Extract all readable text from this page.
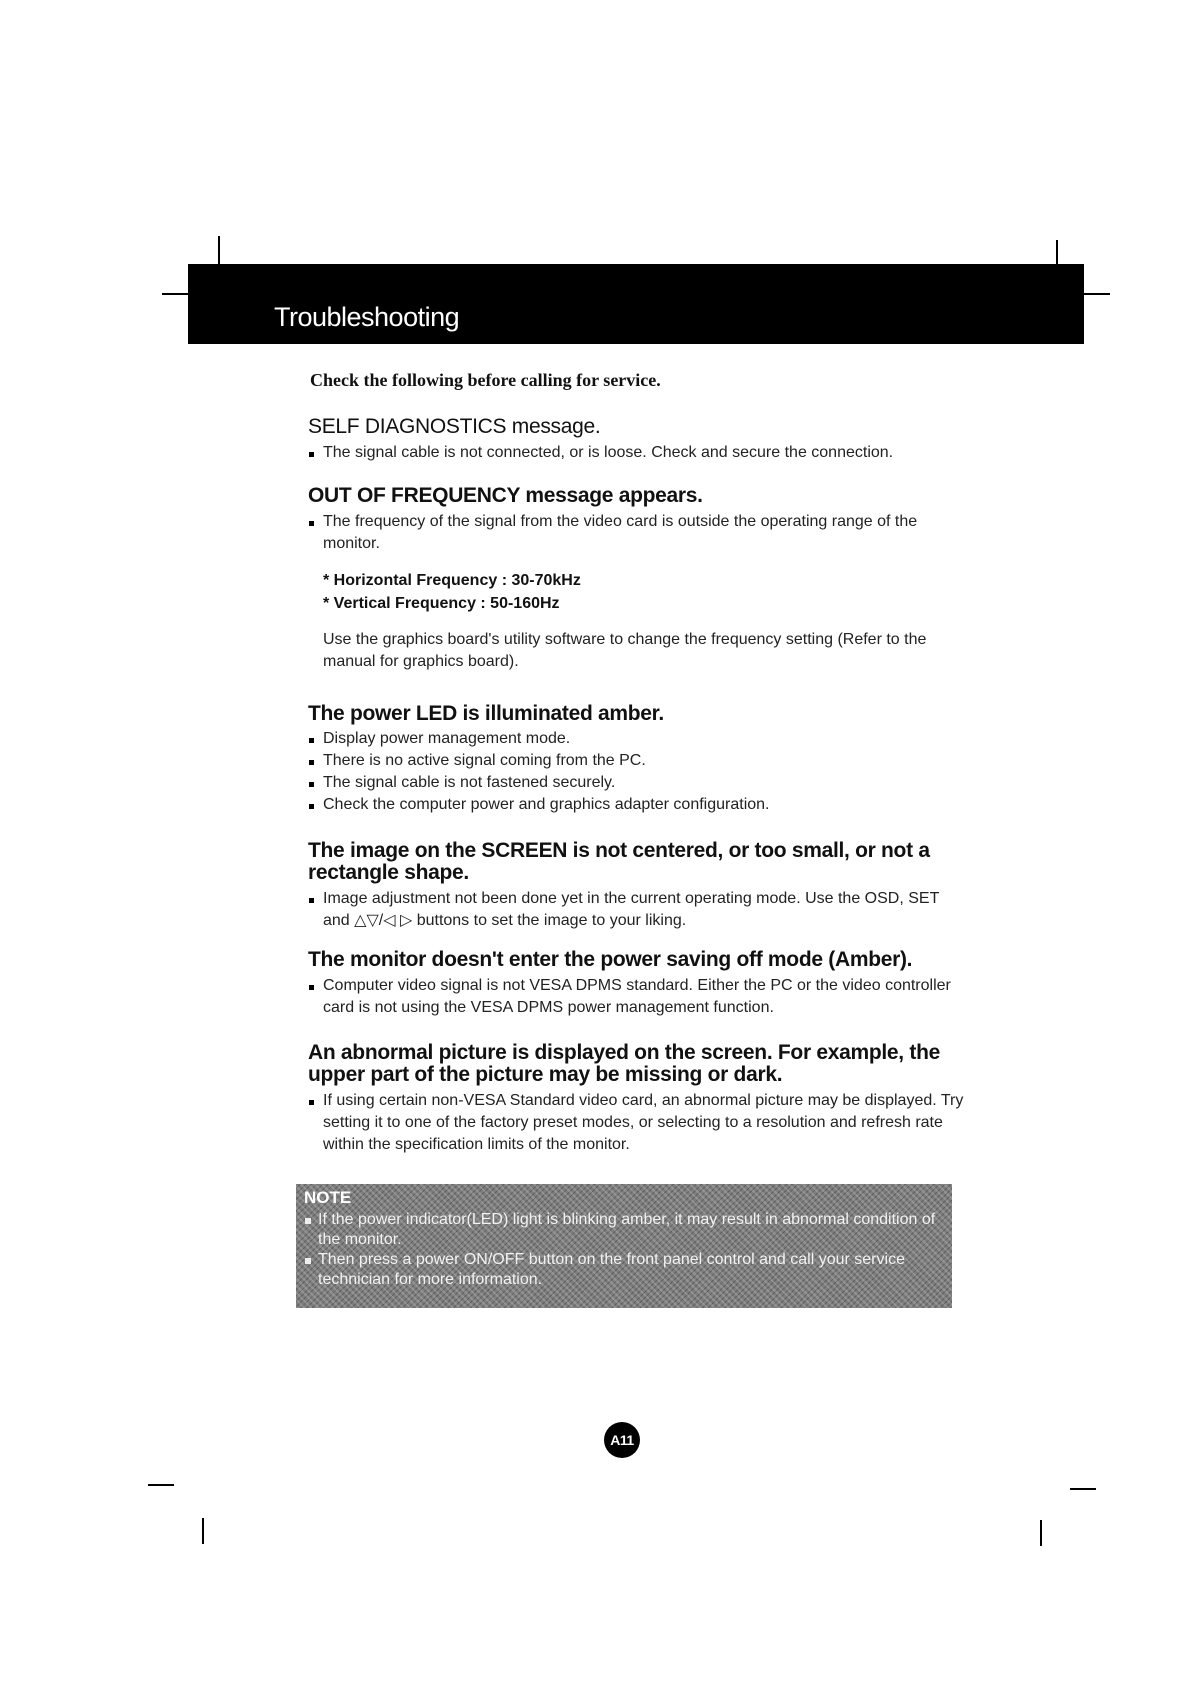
Troubleshooting
Check the following before calling for service.
SELF DIAGNOSTICS message.

The signal cable is not connected, or is loose. Check and secure the connection.

OUT OF FREQUENCY message appears.

The frequency of the signal from the video card is outside the operating range of the monitor.

* Horizontal Frequency : 30-70kHz

* Vertical Frequency : 50-160Hz

Use the graphics board's utility software to change the frequency setting (Refer to the manual for graphics board).

The power LED is illuminated amber.

Display power management mode.

There is no active signal coming from the PC.

The signal cable is not fastened securely.

Check the computer power and graphics adapter configuration.

The image on the SCREEN is not centered, or too small, or not a rectangle shape.

Image adjustment not been done yet in the current operating mode. Use the OSD, SET and △▽/◁ ▷ buttons to set the image to your liking.

The monitor doesn't enter the power saving off mode (Amber).

Computer video signal is not VESA DPMS standard. Either the PC or the video controller card is not using the VESA DPMS power management function.

An abnormal picture is displayed on the screen. For example, the upper part of the picture may be missing or dark.

If using certain non-VESA Standard video card, an abnormal picture may be displayed. Try setting it to one of the factory preset modes, or selecting to a resolution and refresh rate within the specification limits of the monitor.

NOTE

If the power indicator(LED) light is blinking amber, it may result in abnormal condition of the monitor.

Then press a power ON/OFF button on the front panel control and call your service technician for more information.

A11
